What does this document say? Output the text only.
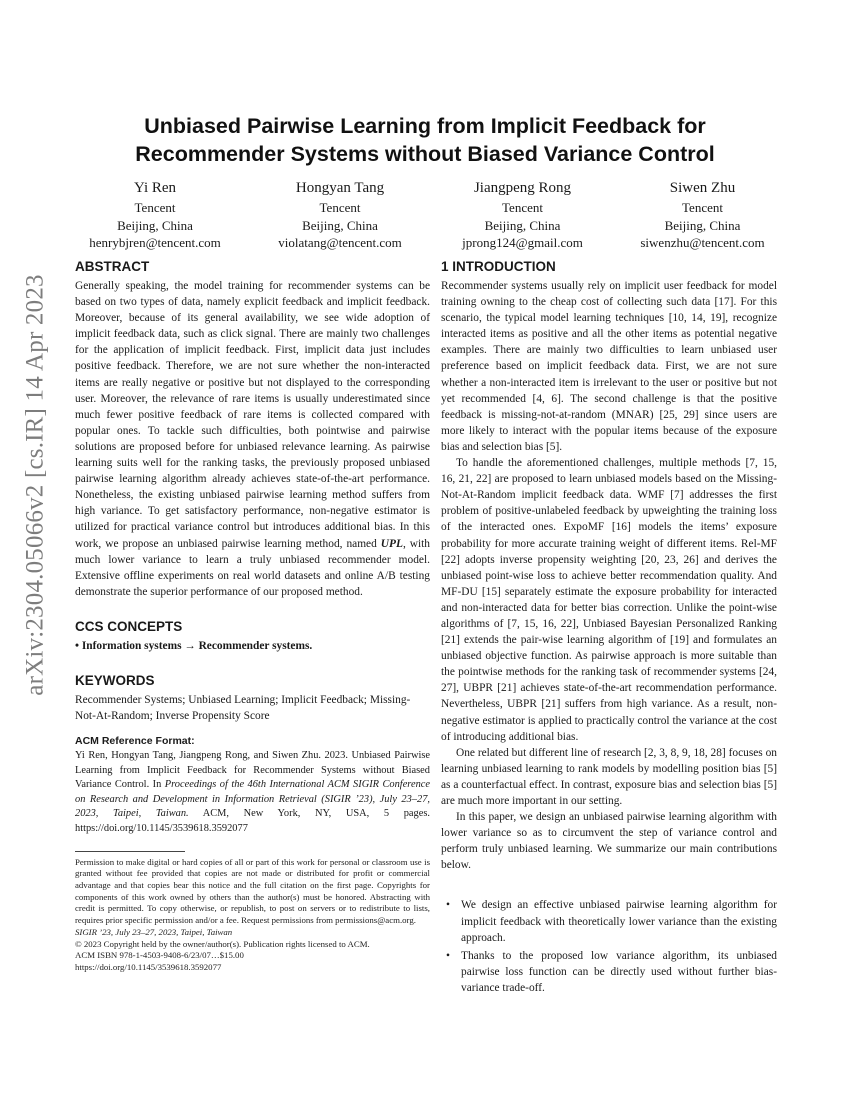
arXiv:2304.05066v2 [cs.IR] 14 Apr 2023
Unbiased Pairwise Learning from Implicit Feedback for
Recommender Systems without Biased Variance Control
Yi Ren
Tencent
Beijing, China
henrybjren@tencent.com
Hongyan Tang
Tencent
Beijing, China
violatang@tencent.com
Jiangpeng Rong
Tencent
Beijing, China
jprong124@gmail.com
Siwen Zhu
Tencent
Beijing, China
siwenzhu@tencent.com
ABSTRACT

Generally speaking, the model training for recommender systems can be based on two types of data, namely explicit feedback and implicit feedback. Moreover, because of its general availability, we see wide adoption of implicit feedback data, such as click signal. There are mainly two challenges for the application of implicit feedback. First, implicit data just includes positive feedback. Therefore, we are not sure whether the non-interacted items are really negative or positive but not displayed to the corresponding user. Moreover, the relevance of rare items is usually underestimated since much fewer positive feedback of rare items is collected compared with popular ones. To tackle such difficulties, both pointwise and pairwise solutions are proposed before for unbiased relevance learning. As pairwise learning suits well for the ranking tasks, the previously proposed unbiased pairwise learning algorithm already achieves state-of-the-art performance. Nonetheless, the existing unbiased pairwise learning method suffers from high variance. To get satisfactory performance, non-negative estimator is utilized for practical variance control but introduces additional bias. In this work, we propose an unbiased pairwise learning method, named UPL, with much lower variance to learn a truly unbiased recommender model. Extensive offline experiments on real world datasets and online A/B testing demonstrate the superior performance of our proposed method.

CCS CONCEPTS
• Information systems → Recommender systems.
KEYWORDS

Recommender Systems; Unbiased Learning; Implicit Feedback; Missing-Not-At-Random; Inverse Propensity Score

ACM Reference Format:

Yi Ren, Hongyan Tang, Jiangpeng Rong, and Siwen Zhu. 2023. Unbiased Pairwise Learning from Implicit Feedback for Recommender Systems without Biased Variance Control. In Proceedings of the 46th International ACM SIGIR Conference on Research and Development in Information Retrieval (SIGIR ’23), July 23–27, 2023, Taipei, Taiwan. ACM, New York, NY, USA, 5 pages. https://doi.org/10.1145/3539618.3592077

Permission to make digital or hard copies of all or part of this work for personal or classroom use is granted without fee provided that copies are not made or distributed for profit or commercial advantage and that copies bear this notice and the full citation on the first page. Copyrights for components of this work owned by others than the author(s) must be honored. Abstracting with credit is permitted. To copy otherwise, or republish, to post on servers or to redistribute to lists, requires prior specific permission and/or a fee. Request permissions from permissions@acm.org.

SIGIR ’23, July 23–27, 2023, Taipei, Taiwan

© 2023 Copyright held by the owner/author(s). Publication rights licensed to ACM.

ACM ISBN 978-1-4503-9408-6/23/07…$15.00

https://doi.org/10.1145/3539618.3592077

1 INTRODUCTION

Recommender systems usually rely on implicit user feedback for model training owning to the cheap cost of collecting such data [17]. For this scenario, the typical model learning techniques [10, 14, 19], recognize interacted items as positive and all the other items as potential negative examples. There are mainly two difficulties to learn unbiased user preference based on implicit feedback data. First, we are not sure whether a non-interacted item is irrelevant to the user or positive but not yet recommended [4, 6]. The second challenge is that the positive feedback is missing-not-at-random (MNAR) [25, 29] since users are more likely to interact with the popular items because of the exposure bias and selection bias [5].

To handle the aforementioned challenges, multiple methods [7, 15, 16, 21, 22] are proposed to learn unbiased models based on the Missing-Not-At-Random implicit feedback data. WMF [7] addresses the first problem of positive-unlabeled feedback by upweighting the training loss of the interacted ones. ExpoMF [16] models the items’ exposure probability for more accurate training weight of different items. Rel-MF [22] adopts inverse propensity weighting [20, 23, 26] and derives the unbiased point-wise loss to achieve better recommendation quality. And MF-DU [15] separately estimate the exposure probability for interacted and non-interacted data for better bias correction. Unlike the point-wise algorithms of [7, 15, 16, 22], Unbiased Bayesian Personalized Ranking [21] extends the pair-wise learning algorithm of [19] and formulates an unbiased objective function. As pairwise approach is more suitable than the pointwise methods for the ranking task of recommender systems [24, 27], UBPR [21] achieves state-of-the-art recommendation performance. Nevertheless, UBPR [21] suffers from high variance. As a result, non-negative estimator is applied to practically control the variance at the cost of introducing additional bias.

One related but different line of research [2, 3, 8, 9, 18, 28] focuses on learning unbiased learning to rank models by modelling position bias [5] as a counterfactual effect. In contrast, exposure bias and selection bias [5] are much more important in our setting.

In this paper, we design an unbiased pairwise learning algorithm with lower variance so as to circumvent the step of variance control and perform truly unbiased learning. We summarize our main contributions below.

• We design an effective unbiased pairwise learning algorithm for implicit feedback with theoretically lower variance than the existing approach.
• Thanks to the proposed low variance algorithm, its unbiased pairwise loss function can be directly used without further bias-variance trade-off.
